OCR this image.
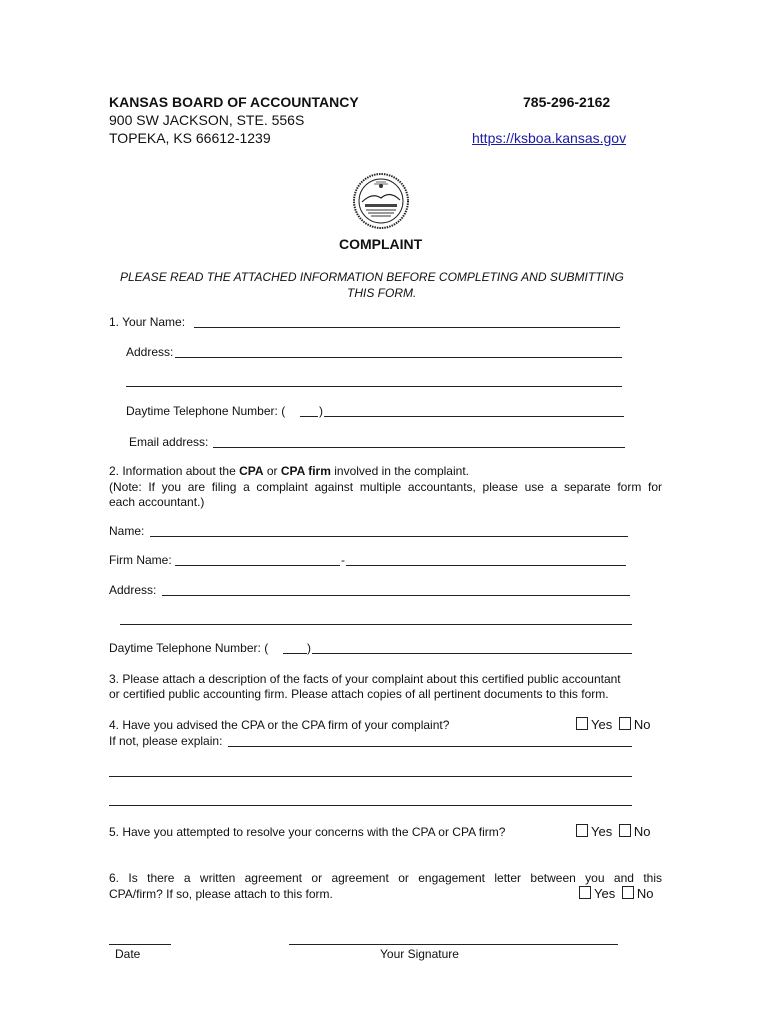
KANSAS BOARD OF ACCOUNTANCY
900 SW JACKSON, STE. 556S
TOPEKA, KS 66612-1239
785-296-2162
https://ksboa.kansas.gov
COMPLAINT
PLEASE READ THE ATTACHED INFORMATION BEFORE COMPLETING AND SUBMITTING
THIS FORM.
1. Your Name:
Address:
Daytime Telephone Number: (	)
Email address:
2. Information about the CPA or CPA firm involved in the complaint.
(Note: If you are filing a complaint against multiple accountants, please use a separate form for
each accountant.)
Name:
Firm Name:	-
Address:
Daytime Telephone Number: (	)
3. Please attach a description of the facts of your complaint about this certified public accountant
or certified public accounting firm. Please attach copies of all pertinent documents to this form.
4. Have you advised the CPA or the CPA firm of your complaint?	Yes No
If not, please explain:
5. Have you attempted to resolve your concerns with the CPA or CPA firm?	Yes No
6. Is there a written agreement or agreement or engagement letter between you and this
CPA/firm? If so, please attach to this form.	Yes No
Date	Your Signature
